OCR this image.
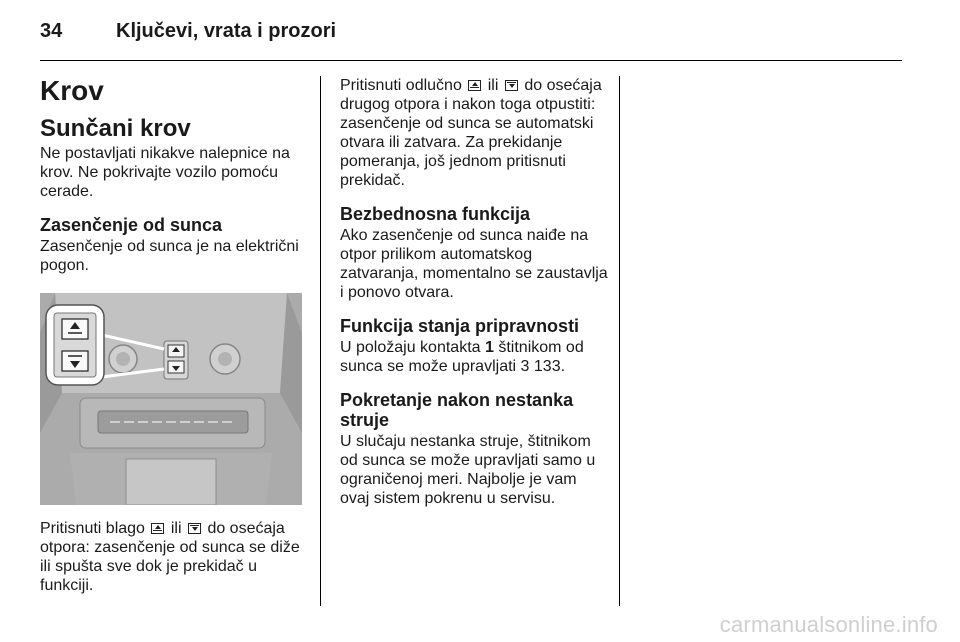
34	Ključevi, vrata i prozori
Krov
Sunčani krov

Ne postavljati nikakve nalepnice na krov. Ne pokrivajte vozilo pomoću cerade.

Zasenčenje od sunca

Zasenčenje od sunca je na električni pogon.

Pritisnuti blago ili do osećaja otpora: zasenčenje od sunca se diže ili spušta sve dok je prekidač u funkciji.

Pritisnuti odlučno ili do osećaja drugog otpora i nakon toga otpustiti: zasenčenje od sunca se automatski otvara ili zatvara. Za prekidanje pomeranja, još jednom pritisnuti prekidač.

Bezbednosna funkcija

Ako zasenčenje od sunca naiđe na otpor prilikom automatskog zatvaranja, momentalno se zaustavlja i ponovo otvara.

Funkcija stanja pripravnosti

U položaju kontakta 1 štitnikom od sunca se može upravljati 3 133.

Pokretanje nakon nestanka struje

U slučaju nestanka struje, štitnikom od sunca se može upravljati samo u ograničenoj meri. Najbolje je vam ovaj sistem pokrenu u servisu.

carmanualsonline.info
